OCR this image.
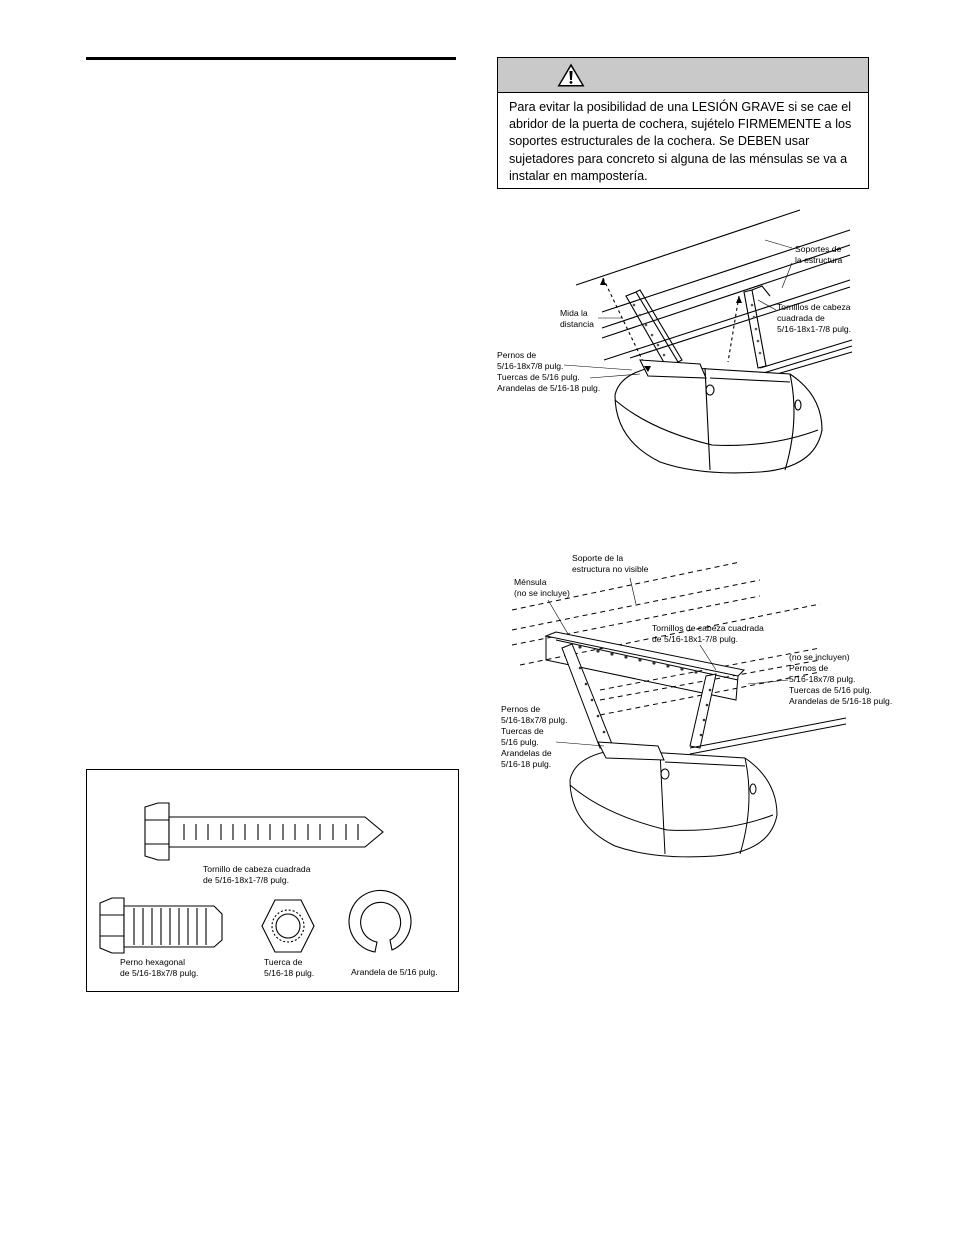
Para evitar la posibilidad de una LESIÓN GRAVE si se cae el
abridor de la puerta de cochera, sujételo FIRMEMENTE a los
soportes estructurales de la cochera. Se DEBEN usar
sujetadores para concreto si alguna de las ménsulas se va a
instalar en mampostería.
Soportes de
la estructura
Mida la
distancia
Tornillos de cabeza
cuadrada de
5/16-18x1-7/8 pulg.
Pernos de
5/16-18x7/8 pulg.
Tuercas de 5/16 pulg.
Arandelas de 5/16-18 pulg.
Soporte de la
estructura no visible
Ménsula
(no se incluye)
Tornillos de cabeza cuadrada
de 5/16-18x1-7/8 pulg.
(no se incluyen)
Pernos de
5/16-18x7/8 pulg.
Tuercas de 5/16 pulg.
Arandelas de 5/16-18 pulg.
Pernos de
5/16-18x7/8 pulg.
Tuercas de
5/16 pulg.
Arandelas de
5/16-18 pulg.
Tornillo de cabeza cuadrada
de 5/16-18x1-7/8 pulg.
Perno hexagonal
de 5/16-18x7/8 pulg.
Tuerca de
5/16-18 pulg.	Arandela de 5/16 pulg.
